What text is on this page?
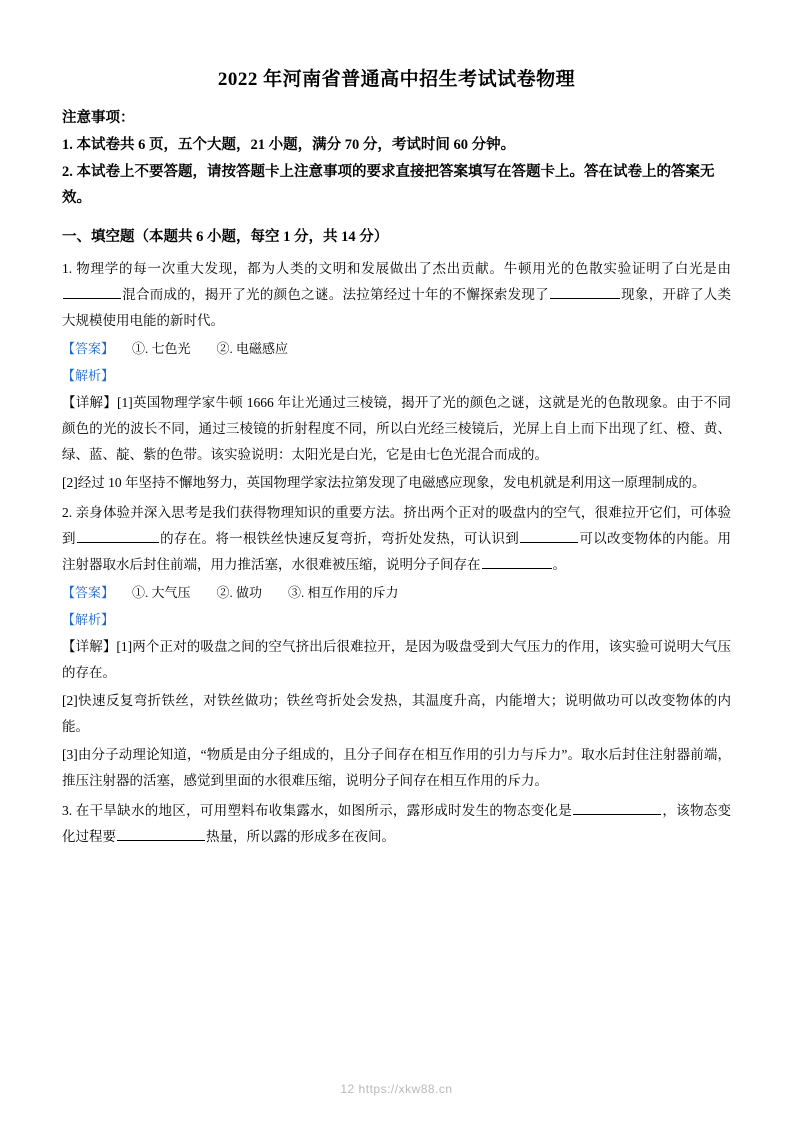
2022 年河南省普通高中招生考试试卷物理

注意事项：

1. 本试卷共 6 页，五个大题，21 小题，满分 70 分，考试时间 60 分钟。

2. 本试卷上不要答题，请按答题卡上注意事项的要求直接把答案填写在答题卡上。答在试卷上的答案无效。

一、填空题（本题共 6 小题，每空 1 分，共 14 分）

1. 物理学的每一次重大发现，都为人类的文明和发展做出了杰出贡献。牛顿用光的色散实验证明了白光是由混合而成的，揭开了光的颜色之谜。法拉第经过十年的不懈探索发现了	现象，开辟了人类大规模使用电能的新时代。

【答案】 ①. 七色光 ②. 电磁感应

【解析】

【详解】[1]英国物理学家牛顿 1666 年让光通过三棱镜，揭开了光的颜色之谜，这就是光的色散现象。由于不同颜色的光的波长不同，通过三棱镜的折射程度不同，所以白光经三棱镜后，光屏上自上而下出现了红、橙、黄、绿、蓝、靛、紫的色带。该实验说明：太阳光是白光，它是由七色光混合而成的。

[2]经过 10 年坚持不懈地努力，英国物理学家法拉第发现了电磁感应现象，发电机就是利用这一原理制成的。

2. 亲身体验并深入思考是我们获得物理知识的重要方法。挤出两个正对的吸盘内的空气，很难拉开它们，可体验到	的存在。将一根铁丝快速反复弯折，弯折处发热，可认识到	可以改变物体的内能。用注射器取水后封住前端，用力推活塞，水很难被压缩，说明分子间存在	。

【答案】 ①. 大气压 ②. 做功 ③. 相互作用的斥力

【解析】

【详解】[1]两个正对的吸盘之间的空气挤出后很难拉开，是因为吸盘受到大气压力的作用，该实验可说明大气压的存在。

[2]快速反复弯折铁丝，对铁丝做功；铁丝弯折处会发热，其温度升高，内能增大；说明做功可以改变物体的内能。

[3]由分子动理论知道，“物质是由分子组成的，且分子间存在相互作用的引力与斥力”。取水后封住注射器前端，推压注射器的活塞，感觉到里面的水很难压缩，说明分子间存在相互作用的斥力。

3. 在干旱缺水的地区，可用塑料布收集露水，如图所示，露形成时发生的物态变化是	，该物态变化过程要	热量，所以露的形成多在夜间。

12 https://xkw88.cn
